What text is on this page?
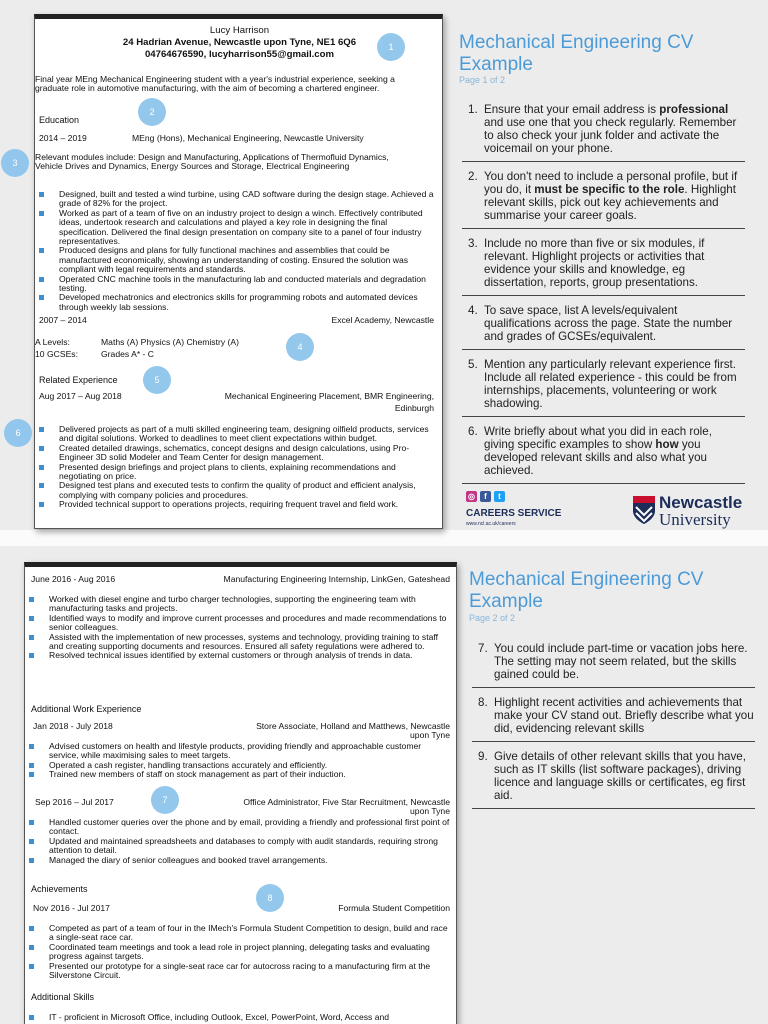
Lucy Harrison
24 Hadrian Avenue, Newcastle upon Tyne, NE1 6Q6
04764676590, lucyharrison55@gmail.com
Final year MEng Mechanical Engineering student with a year's industrial experience, seeking a graduate role in automotive manufacturing, with the aim of becoming a chartered engineer.
Education
2014 – 2019	MEng (Hons), Mechanical Engineering, Newcastle University
Relevant modules include: Design and Manufacturing, Applications of Thermofluid Dynamics, Vehicle Drives and Dynamics, Energy Sources and Storage, Electrical Engineering
Designed, built and tested a wind turbine, using CAD software during the design stage. Achieved a grade of 82% for the project.
Worked as part of a team of five on an industry project to design a winch. Effectively contributed ideas, undertook research and calculations and played a key role in designing the final specification. Delivered the final design presentation on company site to a panel of four industry representatives.
Produced designs and plans for fully functional machines and assemblies that could be manufactured economically, showing an understanding of costing. Ensured the solution was compliant with legal requirements and standards.
Operated CNC machine tools in the manufacturing lab and conducted materials and degradation testing.
Developed mechatronics and electronics skills for programming robots and automated devices through weekly lab sessions.
2007 – 2014	Excel Academy, Newcastle
A Levels:	Maths (A) Physics (A) Chemistry (A)
10 GCSEs:	Grades A* - C
Related Experience
Aug 2017 – Aug 2018	Mechanical Engineering Placement, BMR Engineering,
Edinburgh
Delivered projects as part of a multi skilled engineering team, designing oilfield products, services and digital solutions. Worked to deadlines to meet client expectations within budget.
Created detailed drawings, schematics, concept designs and design calculations, using Pro-Engineer 3D solid Modeler and Team Center for design management.
Presented design briefings and project plans to clients, explaining recommendations and negotiating on price.
Designed test plans and executed tests to confirm the quality of product and efficient analysis, complying with company policies and procedures.
Provided technical support to operations projects, requiring frequent travel and field work.
1
2
3
4
5
6
Mechanical Engineering CV
Example
Page 1 of 2
1. Ensure that your email address is professional and use one that you check regularly. Remember to also check your junk folder and activate the voicemail on your phone.
2. You don't need to include a personal profile, but if you do, it must be specific to the role. Highlight relevant skills, pick out key achievements and summarise your career goals.
3. Include no more than five or six modules, if relevant. Highlight projects or activities that evidence your skills and knowledge, eg dissertation, reports, group presentations.
4. To save space, list A levels/equivalent qualifications across the page. State the number and grades of GCSEs/equivalent.
5. Mention any particularly relevant experience first. Include all related experience - this could be from internships, placements, volunteering or work shadowing.
6. Write briefly about what you did in each role, giving specific examples to show how you developed relevant skills and also what you achieved.
◎	f	t
CAREERS SERVICE
www.ncl.ac.uk/careers
Newcastle
University
June 2016 - Aug 2016	Manufacturing Engineering Internship, LinkGen, Gateshead
Worked with diesel engine and turbo charger technologies, supporting the engineering team with manufacturing tasks and projects.
Identified ways to modify and improve current processes and procedures and made recommendations to senior colleagues.
Assisted with the implementation of new processes, systems and technology, providing training to staff and creating supporting documents and resources. Ensured all safety regulations were adhered to.
Resolved technical issues identified by external customers or through analysis of trends in data.
Additional Work Experience
Jan 2018 - July 2018	Store Associate, Holland and Matthews, Newcastle
upon Tyne
Advised customers on health and lifestyle products, providing friendly and approachable customer service, while maximising sales to meet targets.
Operated a cash register, handling transactions accurately and efficiently.
Trained new members of staff on stock management as part of their induction.
Sep 2016 – Jul 2017	Office Administrator, Five Star Recruitment, Newcastle
upon Tyne
Handled customer queries over the phone and by email, providing a friendly and professional first point of contact.
Updated and maintained spreadsheets and databases to comply with audit standards, requiring strong attention to detail.
Managed the diary of senior colleagues and booked travel arrangements.
Achievements
Nov 2016 - Jul 2017	Formula Student Competition
Competed as part of a team of four in the IMech's Formula Student Competition to design, build and race a single-seat race car.
Coordinated team meetings and took a lead role in project planning, delegating tasks and evaluating progress against targets.
Presented our prototype for a single-seat race car for autocross racing to a manufacturing firm at the Silverstone Circuit.
Additional Skills
IT - proficient in Microsoft Office, including Outlook, Excel, PowerPoint, Word, Access and
7
8
Mechanical Engineering CV
Example
Page 2 of 2
7. You could include part-time or vacation jobs here. The setting may not seem related, but the skills gained could be.
8. Highlight recent activities and achievements that make your CV stand out. Briefly describe what you did, evidencing relevant skills
9. Give details of other relevant skills that you have, such as IT skills (list software packages), driving licence and language skills or certificates, eg first aid.
